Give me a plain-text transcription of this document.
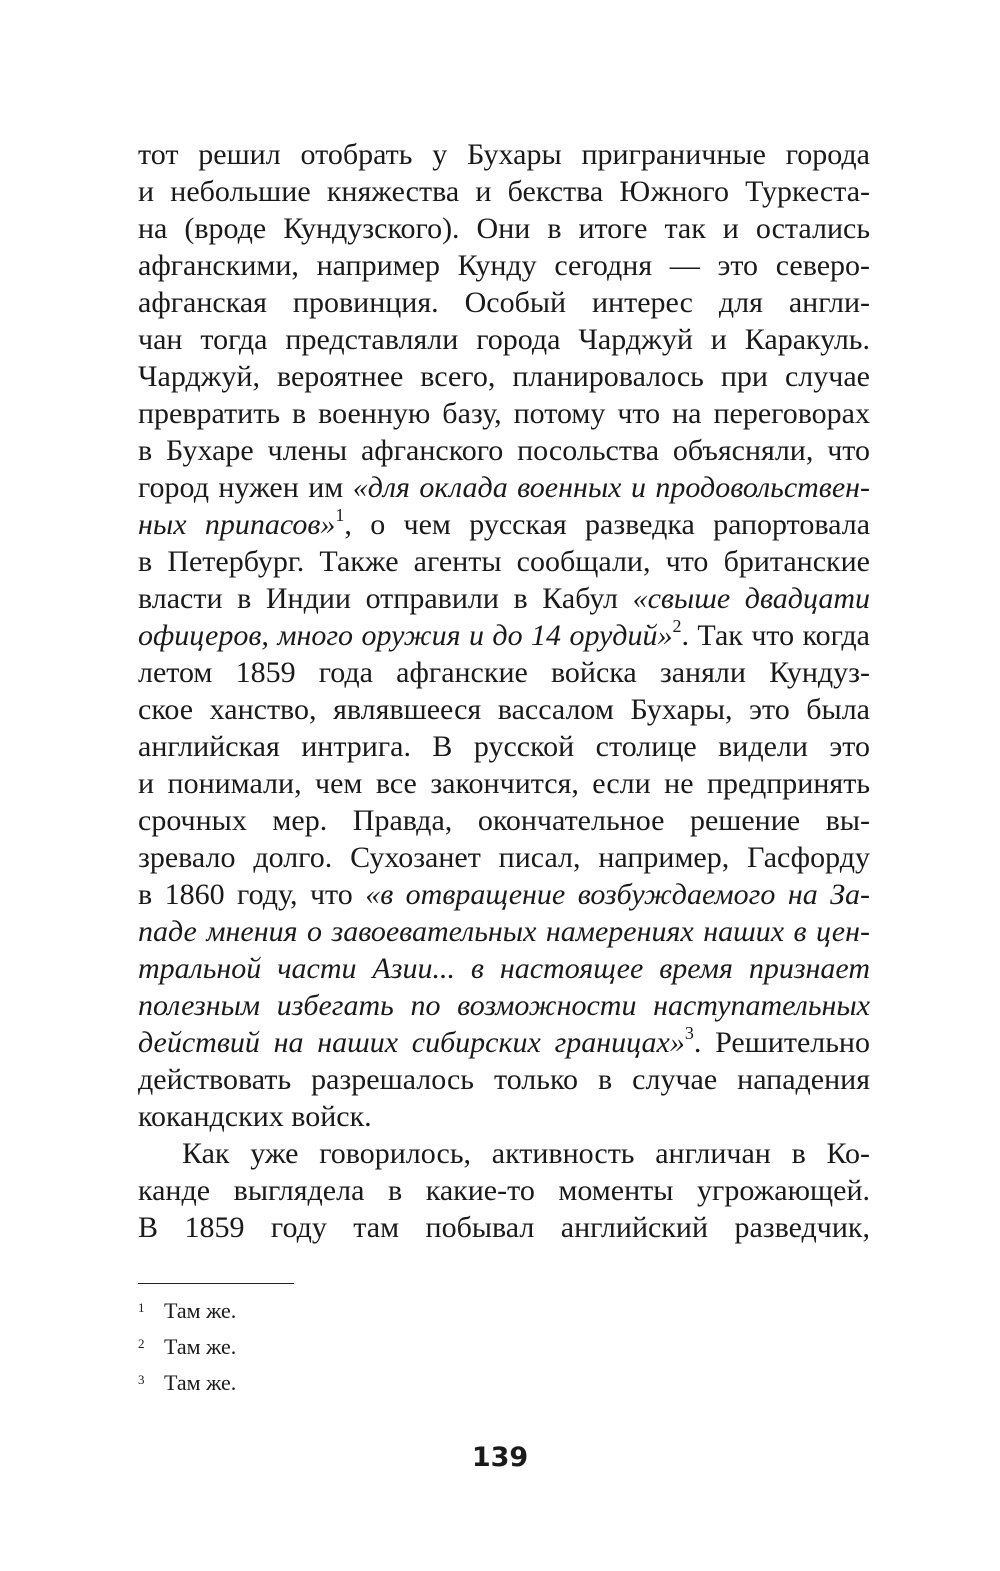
тот решил отобрать у Бухары приграничные города
и небольшие княжества и бекства Южного Туркеста-
на (вроде Кундузского). Они в итоге так и остались
афганскими, например Кунду сегодня — это северо-
афганская провинция. Особый интерес для англи-
чан тогда представляли города Чарджуй и Каракуль.
Чарджуй, вероятнее всего, планировалось при случае
превратить в военную базу, потому что на переговорах
в Бухаре члены афганского посольства объясняли, что
город нужен им «для оклада военных и продовольствен-
ных припасов»$^1$, о чем русская разведка рапортовала
в Петербург. Также агенты сообщали, что британские
власти в Индии отправили в Кабул «свыше двадцати
офицеров, много оружия и до 14 орудий»$^2$. Так что когда
летом 1859 года афганские войска заняли Кундуз-
ское ханство, являвшееся вассалом Бухары, это была
английская интрига. В русской столице видели это
и понимали, чем все закончится, если не предпринять
срочных мер. Правда, окончательное решение вы-
зревало долго. Сухозанет писал, например, Гасфорду
в 1860 году, что «в отвращение возбуждаемого на За-
паде мнения о завоевательных намерениях наших в цен-
тральной части Азии... в настоящее время признает
полезным избегать по возможности наступательных
действий на наших сибирских границах»$^3$. Решительно
действовать разрешалось только в случае нападения
кокандских войск.
Как уже говорилось, активность англичан в Ко-
канде выглядела в какие-то моменты угрожающей.
В 1859 году там побывал английский разведчик,
1 Там же.
2 Там же.
3 Там же.
139
